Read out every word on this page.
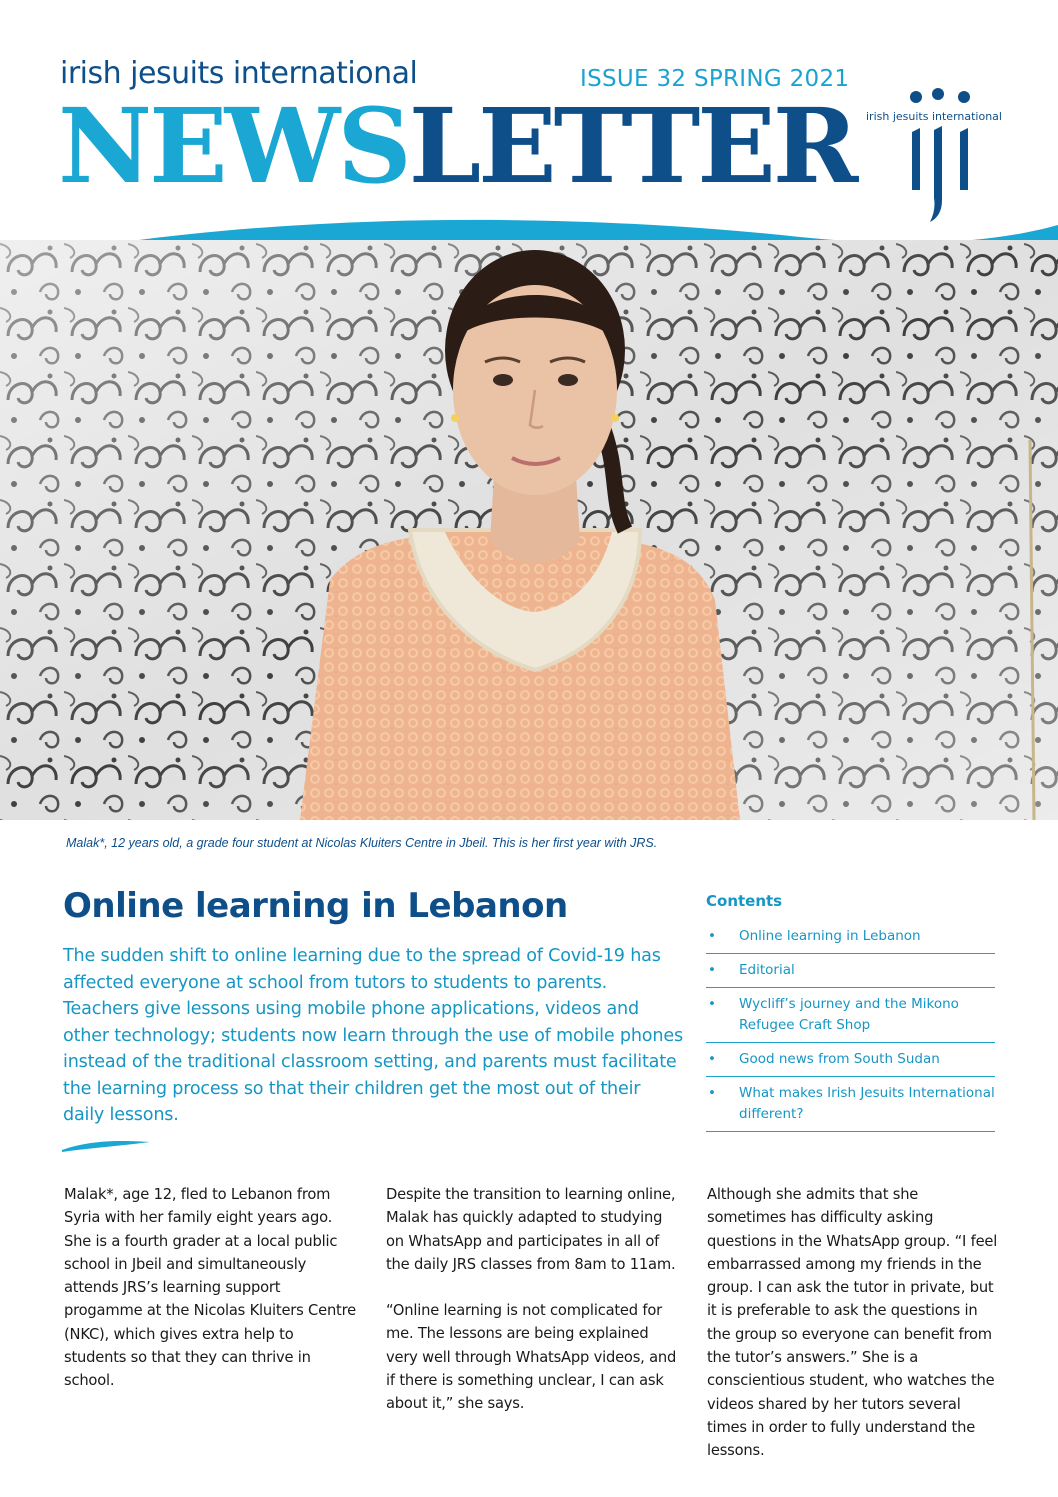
irish jesuits international	ISSUE 32 SPRING 2021
NEWSLETTER irish jesuits international
Malak*, 12 years old, a grade four student at Nicolas Kluiters Centre in Jbeil. This is her first year with JRS.
Online learning in Lebanon

The sudden shift to online learning due to the spread of Covid-19 has affected everyone at school from tutors to students to parents. Teachers give lessons using mobile phone applications, videos and other technology; students now learn through the use of mobile phones instead of the traditional classroom setting, and parents must facilitate the learning process so that their children get the most out of their daily lessons.

Contents
•	Online learning in Lebanon
•	Editorial
•	Wycliff’s journey and the Mikono Refugee Craft Shop
•	Good news from South Sudan
•	What makes Irish Jesuits International different?

Malak*, age 12, fled to Lebanon from Syria with her family eight years ago. She is a fourth grader at a local public school in Jbeil and simultaneously attends JRS’s learning support progamme at the Nicolas Kluiters Centre (NKC), which gives extra help to students so that they can thrive in school.

Despite the transition to learning online, Malak has quickly adapted to studying on WhatsApp and participates in all of the daily JRS classes from 8am to 11am.

“Online learning is not complicated for me. The lessons are being explained very well through WhatsApp videos, and if there is something unclear, I can ask about it,” she says.

Although she admits that she sometimes has difficulty asking questions in the WhatsApp group. “I feel embarrassed among my friends in the group. I can ask the tutor in private, but it is preferable to ask the questions in the group so everyone can benefit from the tutor’s answers.” She is a conscientious student, who watches the videos shared by her tutors several times in order to fully understand the lessons.
